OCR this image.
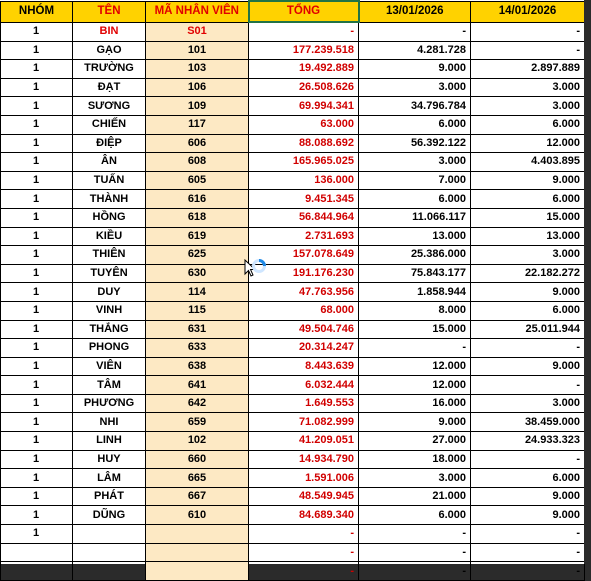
NHÓM	TÊN	MÃ NHÂN VIÊN	TỔNG	13/01/2026	14/01/2026
1	BIN	S01	-	-	-
1	GẠO	101	177.239.518	4.281.728	-
1	TRƯỜNG	103	19.492.889	9.000	2.897.889
1	ĐẠT	106	26.508.626	3.000	3.000
1	SƯƠNG	109	69.994.341	34.796.784	3.000
1	CHIẾN	117	63.000	6.000	6.000
1	ĐIỆP	606	88.088.692	56.392.122	12.000
1	ÂN	608	165.965.025	3.000	4.403.895
1	TUẤN	605	136.000	7.000	9.000
1	THÀNH	616	9.451.345	6.000	6.000
1	HỒNG	618	56.844.964	11.066.117	15.000
1	KIỀU	619	2.731.693	13.000	13.000
1	THIÊN	625	157.078.649	25.386.000	3.000
1	TUYÊN	630	191.176.230	75.843.177	22.182.272
1	DUY	114	47.763.956	1.858.944	9.000
1	VINH	115	68.000	8.000	6.000
1	THẮNG	631	49.504.746	15.000	25.011.944
1	PHONG	633	20.314.247	-	-
1	VIÊN	638	8.443.639	12.000	9.000
1	TÂM	641	6.032.444	12.000	-
1	PHƯƠNG	642	1.649.553	16.000	3.000
1	NHI	659	71.082.999	9.000	38.459.000
1	LINH	102	41.209.051	27.000	24.933.323
1	HUY	660	14.934.790	18.000	-
1	LÂM	665	1.591.006	3.000	6.000
1	PHÁT	667	48.549.945	21.000	9.000
1	DŨNG	610	84.689.340	6.000	9.000
1			-	-	-
			-	-	-
			-	-	-
